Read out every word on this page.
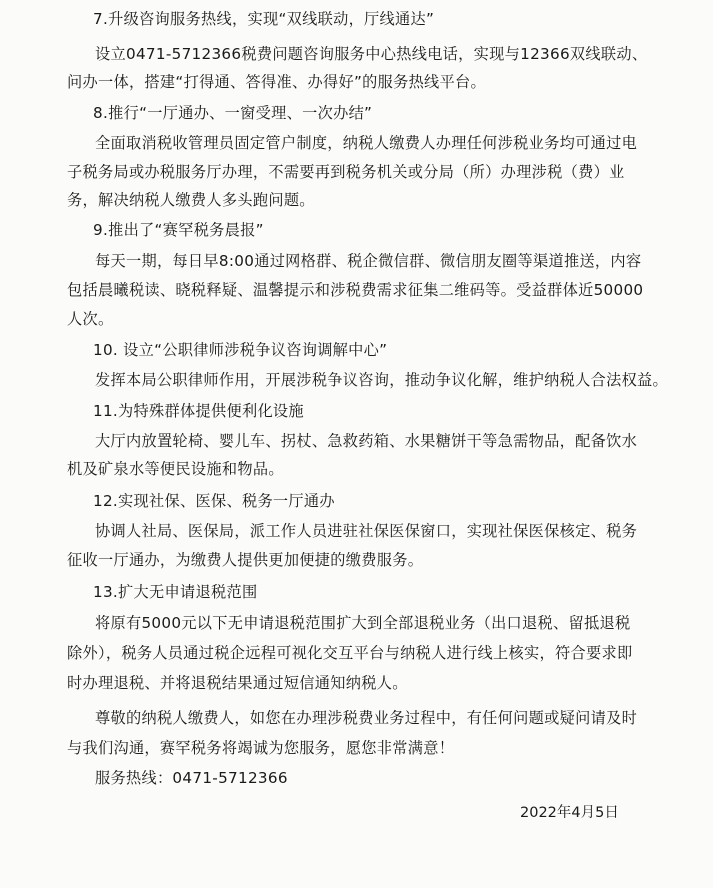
7.升级咨询服务热线，实现“双线联动，厅线通达”
设立0471-5712366税费问题咨询服务中心热线电话，实现与12366双线联动、
问办一体，搭建“打得通、答得准、办得好”的服务热线平台。
8.推行“一厅通办、一窗受理、一次办结”
全面取消税收管理员固定管户制度，纳税人缴费人办理任何涉税业务均可通过电
子税务局或办税服务厅办理，不需要再到税务机关或分局（所）办理涉税（费）业
务，解决纳税人缴费人多头跑问题。
9.推出了“赛罕税务晨报”
每天一期，每日早8:00通过网格群、税企微信群、微信朋友圈等渠道推送，内容
包括晨曦税读、晓税释疑、温馨提示和涉税费需求征集二维码等。受益群体近50000
人次。
10. 设立“公职律师涉税争议咨询调解中心”
发挥本局公职律师作用，开展涉税争议咨询，推动争议化解，维护纳税人合法权益。
11.为特殊群体提供便利化设施
大厅内放置轮椅、婴儿车、拐杖、急救药箱、水果糖饼干等急需物品，配备饮水
机及矿泉水等便民设施和物品。
12.实现社保、医保、税务一厅通办
协调人社局、医保局，派工作人员进驻社保医保窗口，实现社保医保核定、税务
征收一厅通办，为缴费人提供更加便捷的缴费服务。
13.扩大无申请退税范围
将原有5000元以下无申请退税范围扩大到全部退税业务（出口退税、留抵退税
除外），税务人员通过税企远程可视化交互平台与纳税人进行线上核实，符合要求即
时办理退税、并将退税结果通过短信通知纳税人。
尊敬的纳税人缴费人，如您在办理涉税费业务过程中，有任何问题或疑问请及时
与我们沟通，赛罕税务将竭诚为您服务，愿您非常满意！
服务热线：0471-5712366
2022年4月5日
